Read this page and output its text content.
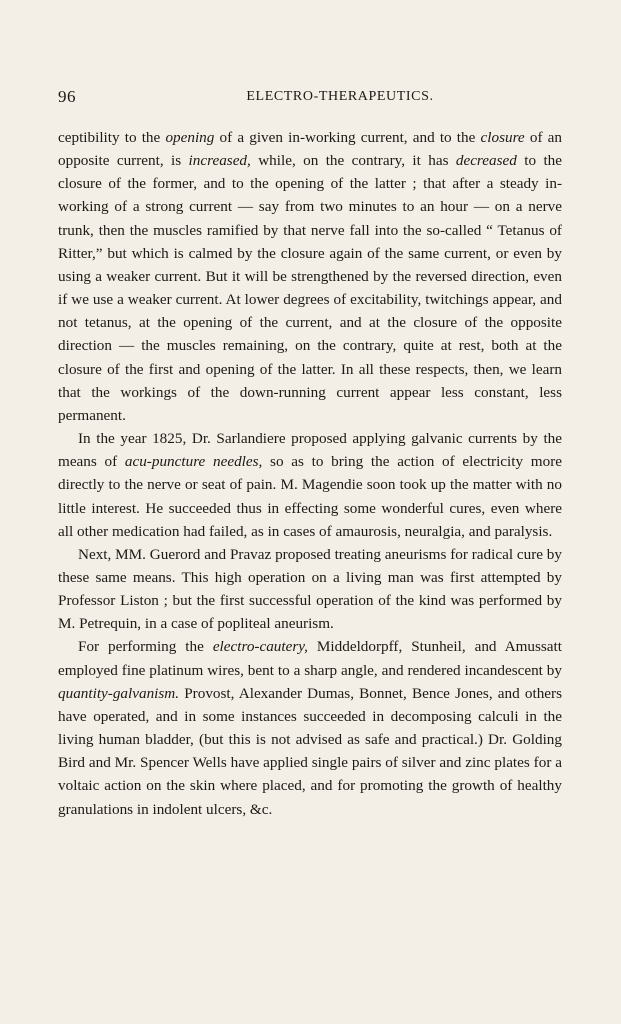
96	ELECTRO-THERAPEUTICS.

ceptibility to the opening of a given in-working current, and to the closure of an opposite current, is increased, while, on the contrary, it has decreased to the closure of the former, and to the opening of the latter ; that after a steady in-working of a strong current — say from two minutes to an hour — on a nerve trunk, then the muscles ramified by that nerve fall into the so-called “ Tetanus of Ritter,” but which is calmed by the closure again of the same current, or even by using a weaker current. But it will be strengthened by the reversed direction, even if we use a weaker current. At lower degrees of excitability, twitchings appear, and not tetanus, at the opening of the current, and at the closure of the opposite direction — the muscles remaining, on the contrary, quite at rest, both at the closure of the first and opening of the latter. In all these respects, then, we learn that the workings of the down-running current appear less constant, less permanent.

In the year 1825, Dr. Sarlandiere proposed applying galvanic currents by the means of acu-puncture needles, so as to bring the action of electricity more directly to the nerve or seat of pain. M. Magendie soon took up the matter with no little interest. He succeeded thus in effecting some wonderful cures, even where all other medication had failed, as in cases of amaurosis, neuralgia, and paralysis.

Next, MM. Guerord and Pravaz proposed treating aneurisms for radical cure by these same means. This high operation on a living man was first attempted by Professor Liston ; but the first successful operation of the kind was performed by M. Petrequin, in a case of popliteal aneurism.

For performing the electro-cautery, Middeldorpff, Stunheil, and Amussatt employed fine platinum wires, bent to a sharp angle, and rendered incandescent by quantity-galvanism. Provost, Alexander Dumas, Bonnet, Bence Jones, and others have operated, and in some instances succeeded in decomposing calculi in the living human bladder, (but this is not advised as safe and practical.) Dr. Golding Bird and Mr. Spencer Wells have applied single pairs of silver and zinc plates for a voltaic action on the skin where placed, and for promoting the growth of healthy granulations in indolent ulcers, &c.
